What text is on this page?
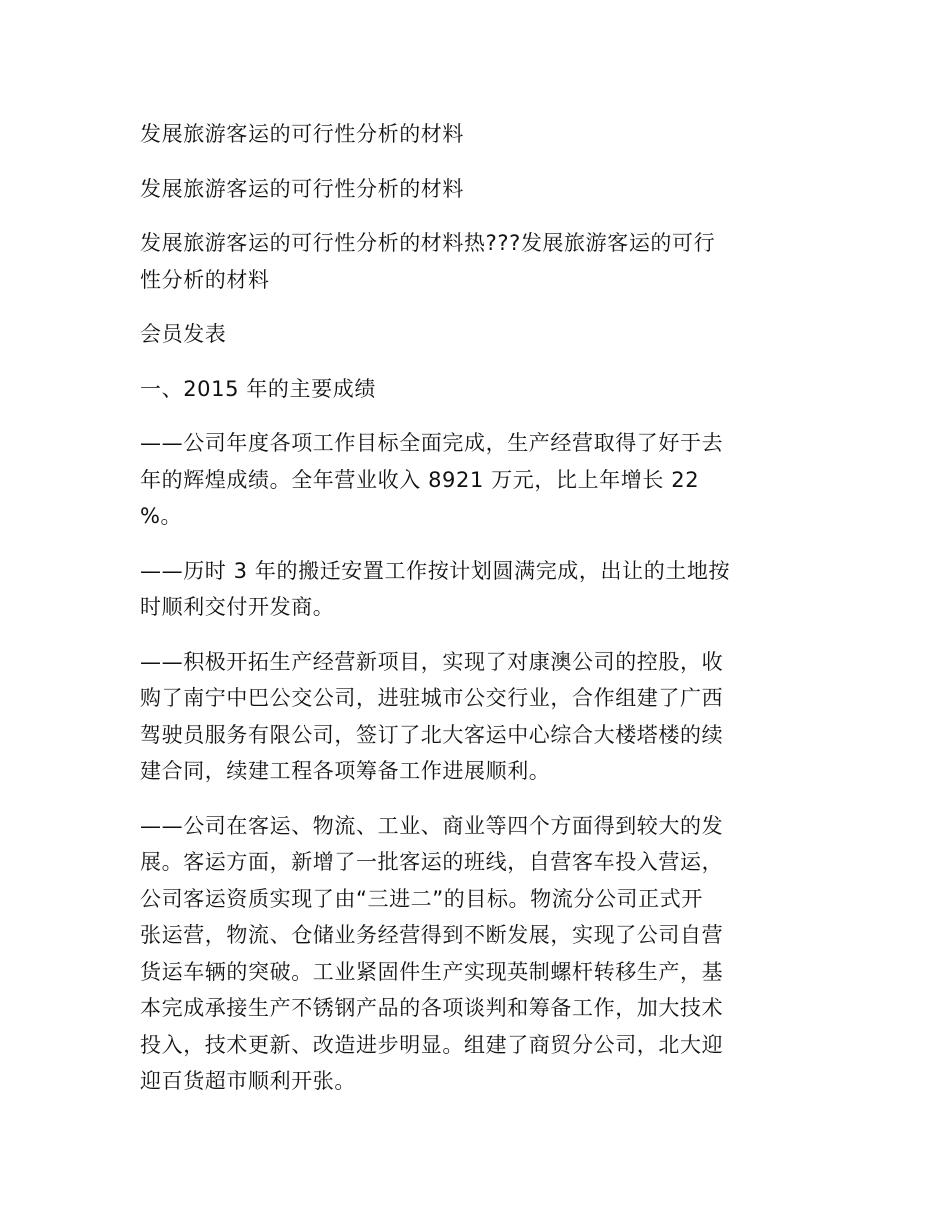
发展旅游客运的可行性分析的材料

发展旅游客运的可行性分析的材料

发展旅游客运的可行性分析的材料热???发展旅游客运的可行
性分析的材料

会员发表

一、2015 年的主要成绩

——公司年度各项工作目标全面完成，生产经营取得了好于去
年的辉煌成绩。全年营业收入 8921 万元，比上年增长 22
%。

——历时 3 年的搬迁安置工作按计划圆满完成，出让的土地按
时顺利交付开发商。

——积极开拓生产经营新项目，实现了对康澳公司的控股，收
购了南宁中巴公交公司，进驻城市公交行业，合作组建了广西
驾驶员服务有限公司，签订了北大客运中心综合大楼塔楼的续
建合同，续建工程各项筹备工作进展顺利。

——公司在客运、物流、工业、商业等四个方面得到较大的发
展。客运方面，新增了一批客运的班线，自营客车投入营运，
公司客运资质实现了由“三进二”的目标。物流分公司正式开
张运营，物流、仓储业务经营得到不断发展，实现了公司自营
货运车辆的突破。工业紧固件生产实现英制螺杆转移生产，基
本完成承接生产不锈钢产品的各项谈判和筹备工作，加大技术
投入，技术更新、改造进步明显。组建了商贸分公司，北大迎
迎百货超市顺利开张。
